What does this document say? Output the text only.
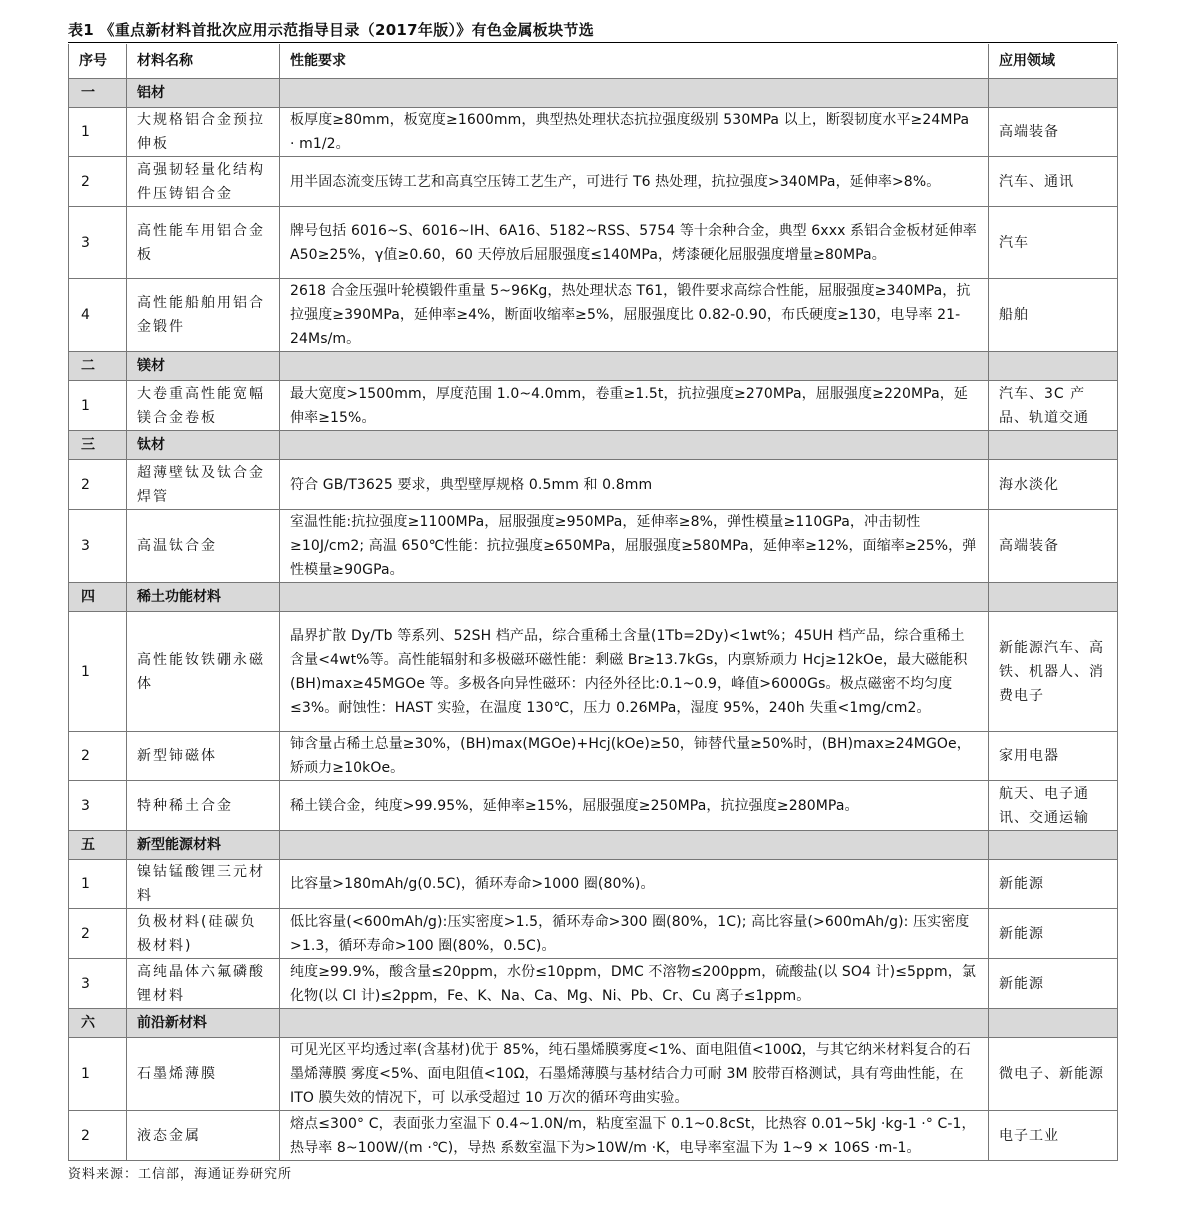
表1 《重点新材料首批次应用示范指导目录（2017年版）》有色金属板块节选
序号	材料名称	性能要求	应用领域
一	铝材		
1	大规格铝合金预拉伸板	板厚度≥80mm，板宽度≥1600mm，典型热处理状态抗拉强度级别 530MPa 以上，断裂韧度水平≥24MPa · m1/2。	高端装备
2	高强韧轻量化结构件压铸铝合金	用半固态流变压铸工艺和高真空压铸工艺生产，可进行 T6 热处理，抗拉强度>340MPa，延伸率>8%。	汽车、通讯
3	高性能车用铝合金板	牌号包括 6016~S、6016~IH、6A16、5182~RSS、5754 等十余种合金，典型 6xxx 系铝合金板材延伸率 A50≥25%，γ值≥0.60，60 天停放后屈服强度≤140MPa，烤漆硬化屈服强度增量≥80MPa。	汽车
4	高性能船舶用铝合金锻件	2618 合金压强叶轮模锻件重量 5~96Kg，热处理状态 T61，锻件要求高综合性能，屈服强度≥340MPa，抗拉强度≥390MPa，延伸率≥4%，断面收缩率≥5%，屈服强度比 0.82-0.90，布氏硬度≥130，电导率 21-24Ms/m。	船舶
二	镁材		
1	大卷重高性能宽幅镁合金卷板	最大宽度>1500mm，厚度范围 1.0~4.0mm，卷重≥1.5t，抗拉强度≥270MPa，屈服强度≥220MPa，延伸率≥15%。	汽车、3C 产品、轨道交通
三	钛材		
2	超薄壁钛及钛合金焊管	符合 GB/T3625 要求，典型壁厚规格 0.5mm 和 0.8mm	海水淡化
3	高温钛合金	室温性能:抗拉强度≥1100MPa，屈服强度≥950MPa，延伸率≥8%，弹性模量≥110GPa，冲击韧性≥10J/cm2; 高温 650℃性能：抗拉强度≥650MPa，屈服强度≥580MPa，延伸率≥12%，面缩率≥25%，弹性模量≥90GPa。	高端装备
四	稀土功能材料		
1	高性能钕铁硼永磁体	晶界扩散 Dy/Tb 等系列、52SH 档产品，综合重稀土含量(1Tb=2Dy)<1wt%；45UH 档产品，综合重稀土含量<4wt%等。高性能辐射和多极磁环磁性能：剩磁 Br≥13.7kGs，内禀矫顽力 Hcj≥12kOe，最大磁能积(BH)max≥45MGOe 等。多极各向异性磁环：内径外径比:0.1~0.9，峰值>6000Gs。极点磁密不均匀度≤3%。耐蚀性：HAST 实验，在温度 130℃，压力 0.26MPa，湿度 95%，240h 失重<1mg/cm2。	新能源汽车、高铁、机器人、消费电子
2	新型铈磁体	铈含量占稀土总量≥30%，(BH)max(MGOe)+Hcj(kOe)≥50，铈替代量≥50%时，(BH)max≥24MGOe，矫顽力≥10kOe。	家用电器
3	特种稀土合金	稀土镁合金，纯度>99.95%，延伸率≥15%，屈服强度≥250MPa，抗拉强度≥280MPa。	航天、电子通讯、交通运输
五	新型能源材料		
1	镍钴锰酸锂三元材料	比容量>180mAh/g(0.5C)，循环寿命>1000 圈(80%)。	新能源
2	负极材料(硅碳负极材料)	低比容量(<600mAh/g):压实密度>1.5，循环寿命>300 圈(80%，1C); 高比容量(>600mAh/g): 压实密度>1.3，循环寿命>100 圈(80%，0.5C)。	新能源
3	高纯晶体六氟磷酸锂材料	纯度≥99.9%，酸含量≤20ppm，水份≤10ppm，DMC 不溶物≤200ppm，硫酸盐(以 SO4 计)≤5ppm，氯化物(以 Cl 计)≤2ppm，Fe、K、Na、Ca、Mg、Ni、Pb、Cr、Cu 离子≤1ppm。	新能源
六	前沿新材料		
1	石墨烯薄膜	可见光区平均透过率(含基材)优于 85%，纯石墨烯膜雾度<1%、面电阻值<100Ω，与其它纳米材料复合的石墨烯薄膜 雾度<5%、面电阻值<10Ω，石墨烯薄膜与基材结合力可耐 3M 胶带百格测试，具有弯曲性能，在 ITO 膜失效的情况下，可 以承受超过 10 万次的循环弯曲实验。	微电子、新能源
2	液态金属	熔点≤300° C，表面张力室温下 0.4~1.0N/m，粘度室温下 0.1~0.8cSt，比热容 0.01~5kJ ·kg-1 ·° C-1，热导率 8~100W/(m ·℃)，导热 系数室温下为>10W/m ·K，电导率室温下为 1~9 × 106S ·m-1。	电子工业
资料来源：工信部，海通证券研究所
